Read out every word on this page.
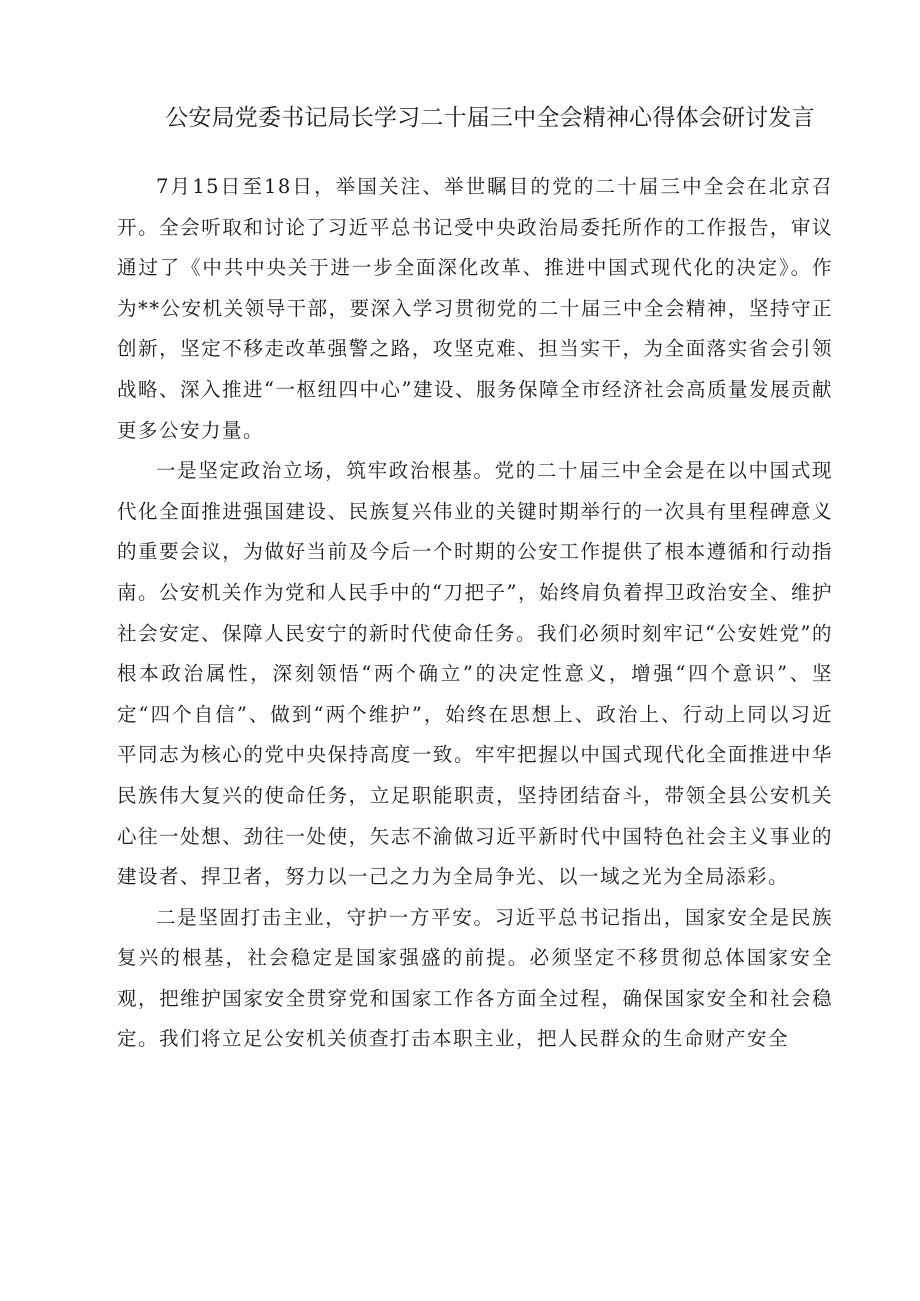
公安局党委书记局长学习二十届三中全会精神心得体会研讨发言

7月15日至18日，举国关注、举世瞩目的党的二十届三中全会在北京召开。全会听取和讨论了习近平总书记受中央政治局委托所作的工作报告，审议通过了《中共中央关于进一步全面深化改革、推进中国式现代化的决定》。作为**公安机关领导干部，要深入学习贯彻党的二十届三中全会精神，坚持守正创新，坚定不移走改革强警之路，攻坚克难、担当实干，为全面落实省会引领战略、深入推进“一枢纽四中心”建设、服务保障全市经济社会高质量发展贡献更多公安力量。

一是坚定政治立场，筑牢政治根基。党的二十届三中全会是在以中国式现代化全面推进强国建设、民族复兴伟业的关键时期举行的一次具有里程碑意义的重要会议，为做好当前及今后一个时期的公安工作提供了根本遵循和行动指南。公安机关作为党和人民手中的“刀把子”，始终肩负着捍卫政治安全、维护社会安定、保障人民安宁的新时代使命任务。我们必须时刻牢记“公安姓党”的根本政治属性，深刻领悟“两个确立”的决定性意义，增强“四个意识”、坚定“四个自信”、做到“两个维护”，始终在思想上、政治上、行动上同以习近平同志为核心的党中央保持高度一致。牢牢把握以中国式现代化全面推进中华民族伟大复兴的使命任务，立足职能职责，坚持团结奋斗，带领全县公安机关心往一处想、劲往一处使，矢志不渝做习近平新时代中国特色社会主义事业的建设者、捍卫者，努力以一己之力为全局争光、以一域之光为全局添彩。

二是坚固打击主业，守护一方平安。习近平总书记指出，国家安全是民族复兴的根基，社会稳定是国家强盛的前提。必须坚定不移贯彻总体国家安全观，把维护国家安全贯穿党和国家工作各方面全过程，确保国家安全和社会稳定。我们将立足公安机关侦查打击本职主业，把人民群众的生命财产安全
